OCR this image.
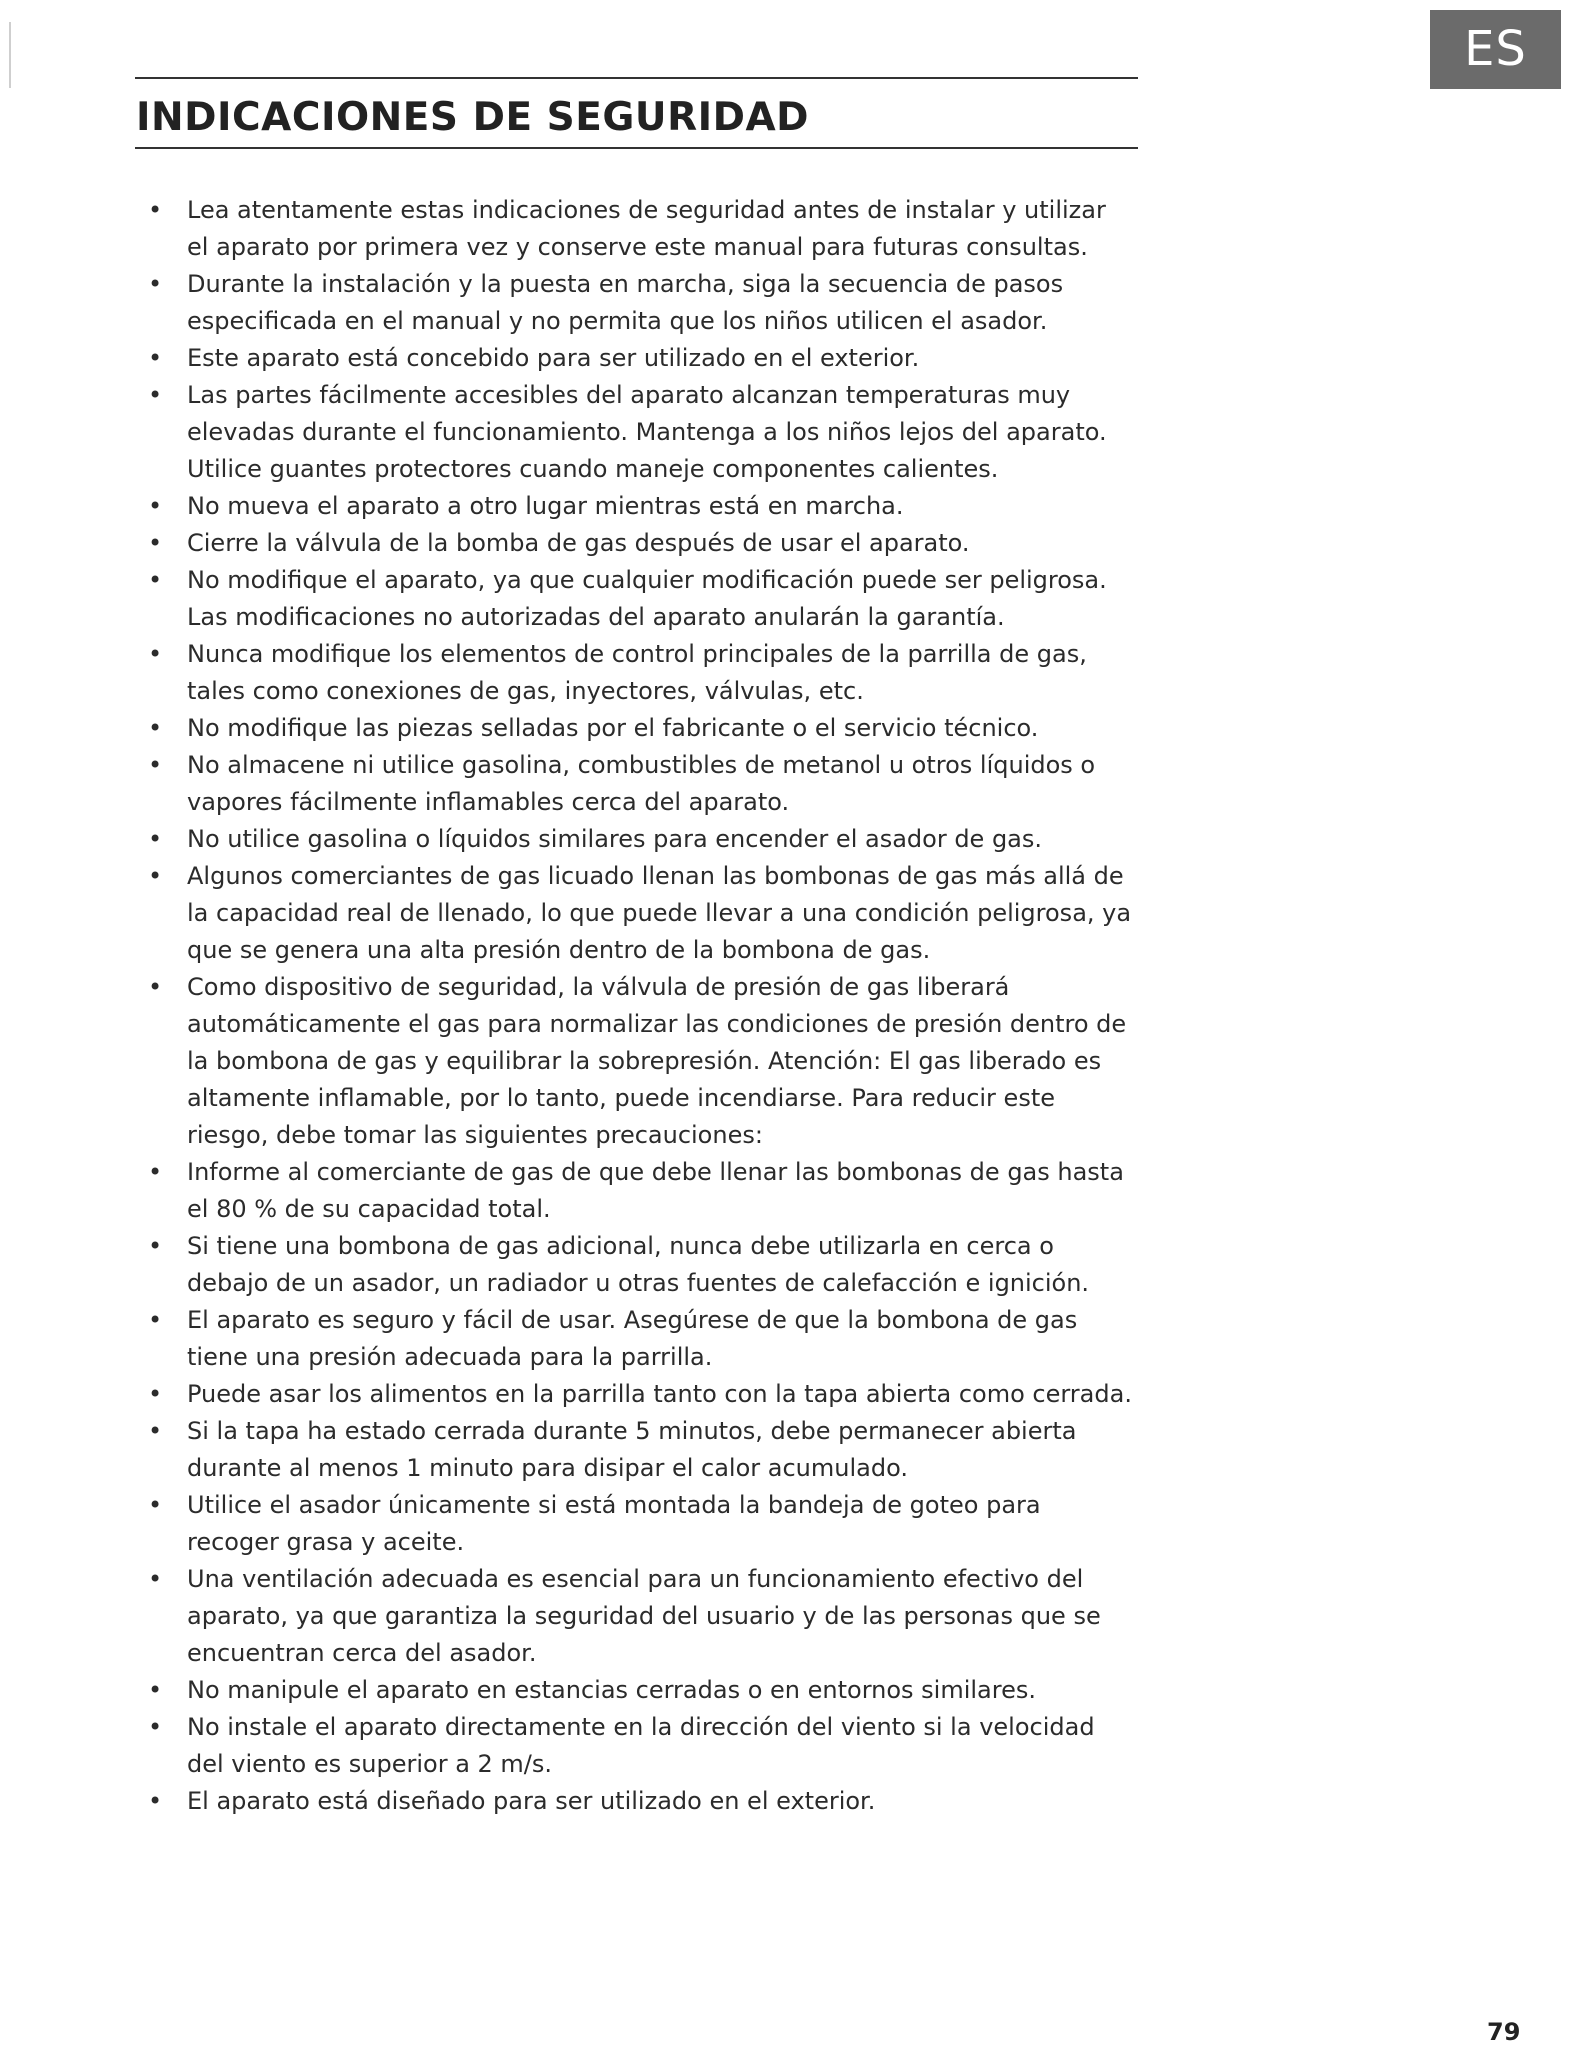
ES
INDICACIONES DE SEGURIDAD
• Lea atentamente estas indicaciones de seguridad antes de instalar y utilizar el aparato por primera vez y conserve este manual para futuras consultas.
• Durante la instalación y la puesta en marcha, siga la secuencia de pasos especificada en el manual y no permita que los niños utilicen el asador.
• Este aparato está concebido para ser utilizado en el exterior.
• Las partes fácilmente accesibles del aparato alcanzan temperaturas muy elevadas durante el funcionamiento. Mantenga a los niños lejos del aparato. Utilice guantes protectores cuando maneje componentes calientes.
• No mueva el aparato a otro lugar mientras está en marcha.
• Cierre la válvula de la bomba de gas después de usar el aparato.
• No modifique el aparato, ya que cualquier modificación puede ser peligrosa. Las modificaciones no autorizadas del aparato anularán la garantía.
• Nunca modifique los elementos de control principales de la parrilla de gas, tales como conexiones de gas, inyectores, válvulas, etc.
• No modifique las piezas selladas por el fabricante o el servicio técnico.
• No almacene ni utilice gasolina, combustibles de metanol u otros líquidos o vapores fácilmente inflamables cerca del aparato.
• No utilice gasolina o líquidos similares para encender el asador de gas.
• Algunos comerciantes de gas licuado llenan las bombonas de gas más allá de la capacidad real de llenado, lo que puede llevar a una condición peligrosa, ya que se genera una alta presión dentro de la bombona de gas.
• Como dispositivo de seguridad, la válvula de presión de gas liberará automáticamente el gas para normalizar las condiciones de presión dentro de la bombona de gas y equilibrar la sobrepresión. Atención: El gas liberado es altamente inflamable, por lo tanto, puede incendiarse. Para reducir este riesgo, debe tomar las siguientes precauciones:
• Informe al comerciante de gas de que debe llenar las bombonas de gas hasta el 80 % de su capacidad total.
• Si tiene una bombona de gas adicional, nunca debe utilizarla en cerca o debajo de un asador, un radiador u otras fuentes de calefacción e ignición.
• El aparato es seguro y fácil de usar. Asegúrese de que la bombona de gas tiene una presión adecuada para la parrilla.
• Puede asar los alimentos en la parrilla tanto con la tapa abierta como cerrada.
• Si la tapa ha estado cerrada durante 5 minutos, debe permanecer abierta durante al menos 1 minuto para disipar el calor acumulado.
• Utilice el asador únicamente si está montada la bandeja de goteo para recoger grasa y aceite.
• Una ventilación adecuada es esencial para un funcionamiento efectivo del aparato, ya que garantiza la seguridad del usuario y de las personas que se encuentran cerca del asador.
• No manipule el aparato en estancias cerradas o en entornos similares.
• No instale el aparato directamente en la dirección del viento si la velocidad del viento es superior a 2 m/s.
• El aparato está diseñado para ser utilizado en el exterior.
79
